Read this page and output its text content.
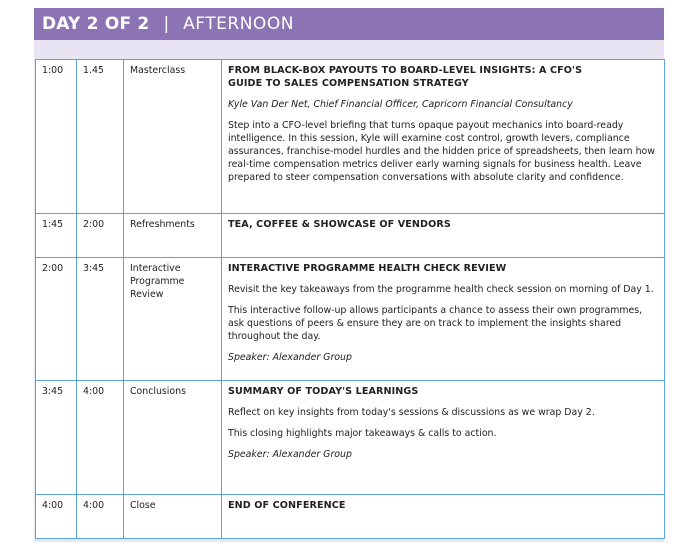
DAY 2 OF 2 | AFTERNOON
1:00	1.45	Masterclass	FROM BLACK-BOX PAYOUTS TO BOARD-LEVEL INSIGHTS: A CFO'S GUIDE TO SALES COMPENSATION STRATEGY
Kyle Van Der Net, Chief Financial Officer, Capricorn Financial Consultancy
Step into a CFO-level briefing that turns opaque payout mechanics into board-ready intelligence. In this session, Kyle will examine cost control, growth levers, compliance assurances, franchise-model hurdles and the hidden price of spreadsheets, then learn how real-time compensation metrics deliver early warning signals for business health. Leave prepared to steer compensation conversations with absolute clarity and confidence.

1:45	2:00	Refreshments	TEA, COFFEE & SHOWCASE OF VENDORS

2:00	3:45	Interactive Programme Review	INTERACTIVE PROGRAMME HEALTH CHECK REVIEW
Revisit the key takeaways from the programme health check session on morning of Day 1.
This interactive follow-up allows participants a chance to assess their own programmes, ask questions of peers & ensure they are on track to implement the insights shared throughout the day.
Speaker: Alexander Group

3:45	4:00	Conclusions	SUMMARY OF TODAY'S LEARNINGS
Reflect on key insights from today's sessions & discussions as we wrap Day 2.
This closing highlights major takeaways & calls to action.
Speaker: Alexander Group

4:00	4:00	Close	END OF CONFERENCE
